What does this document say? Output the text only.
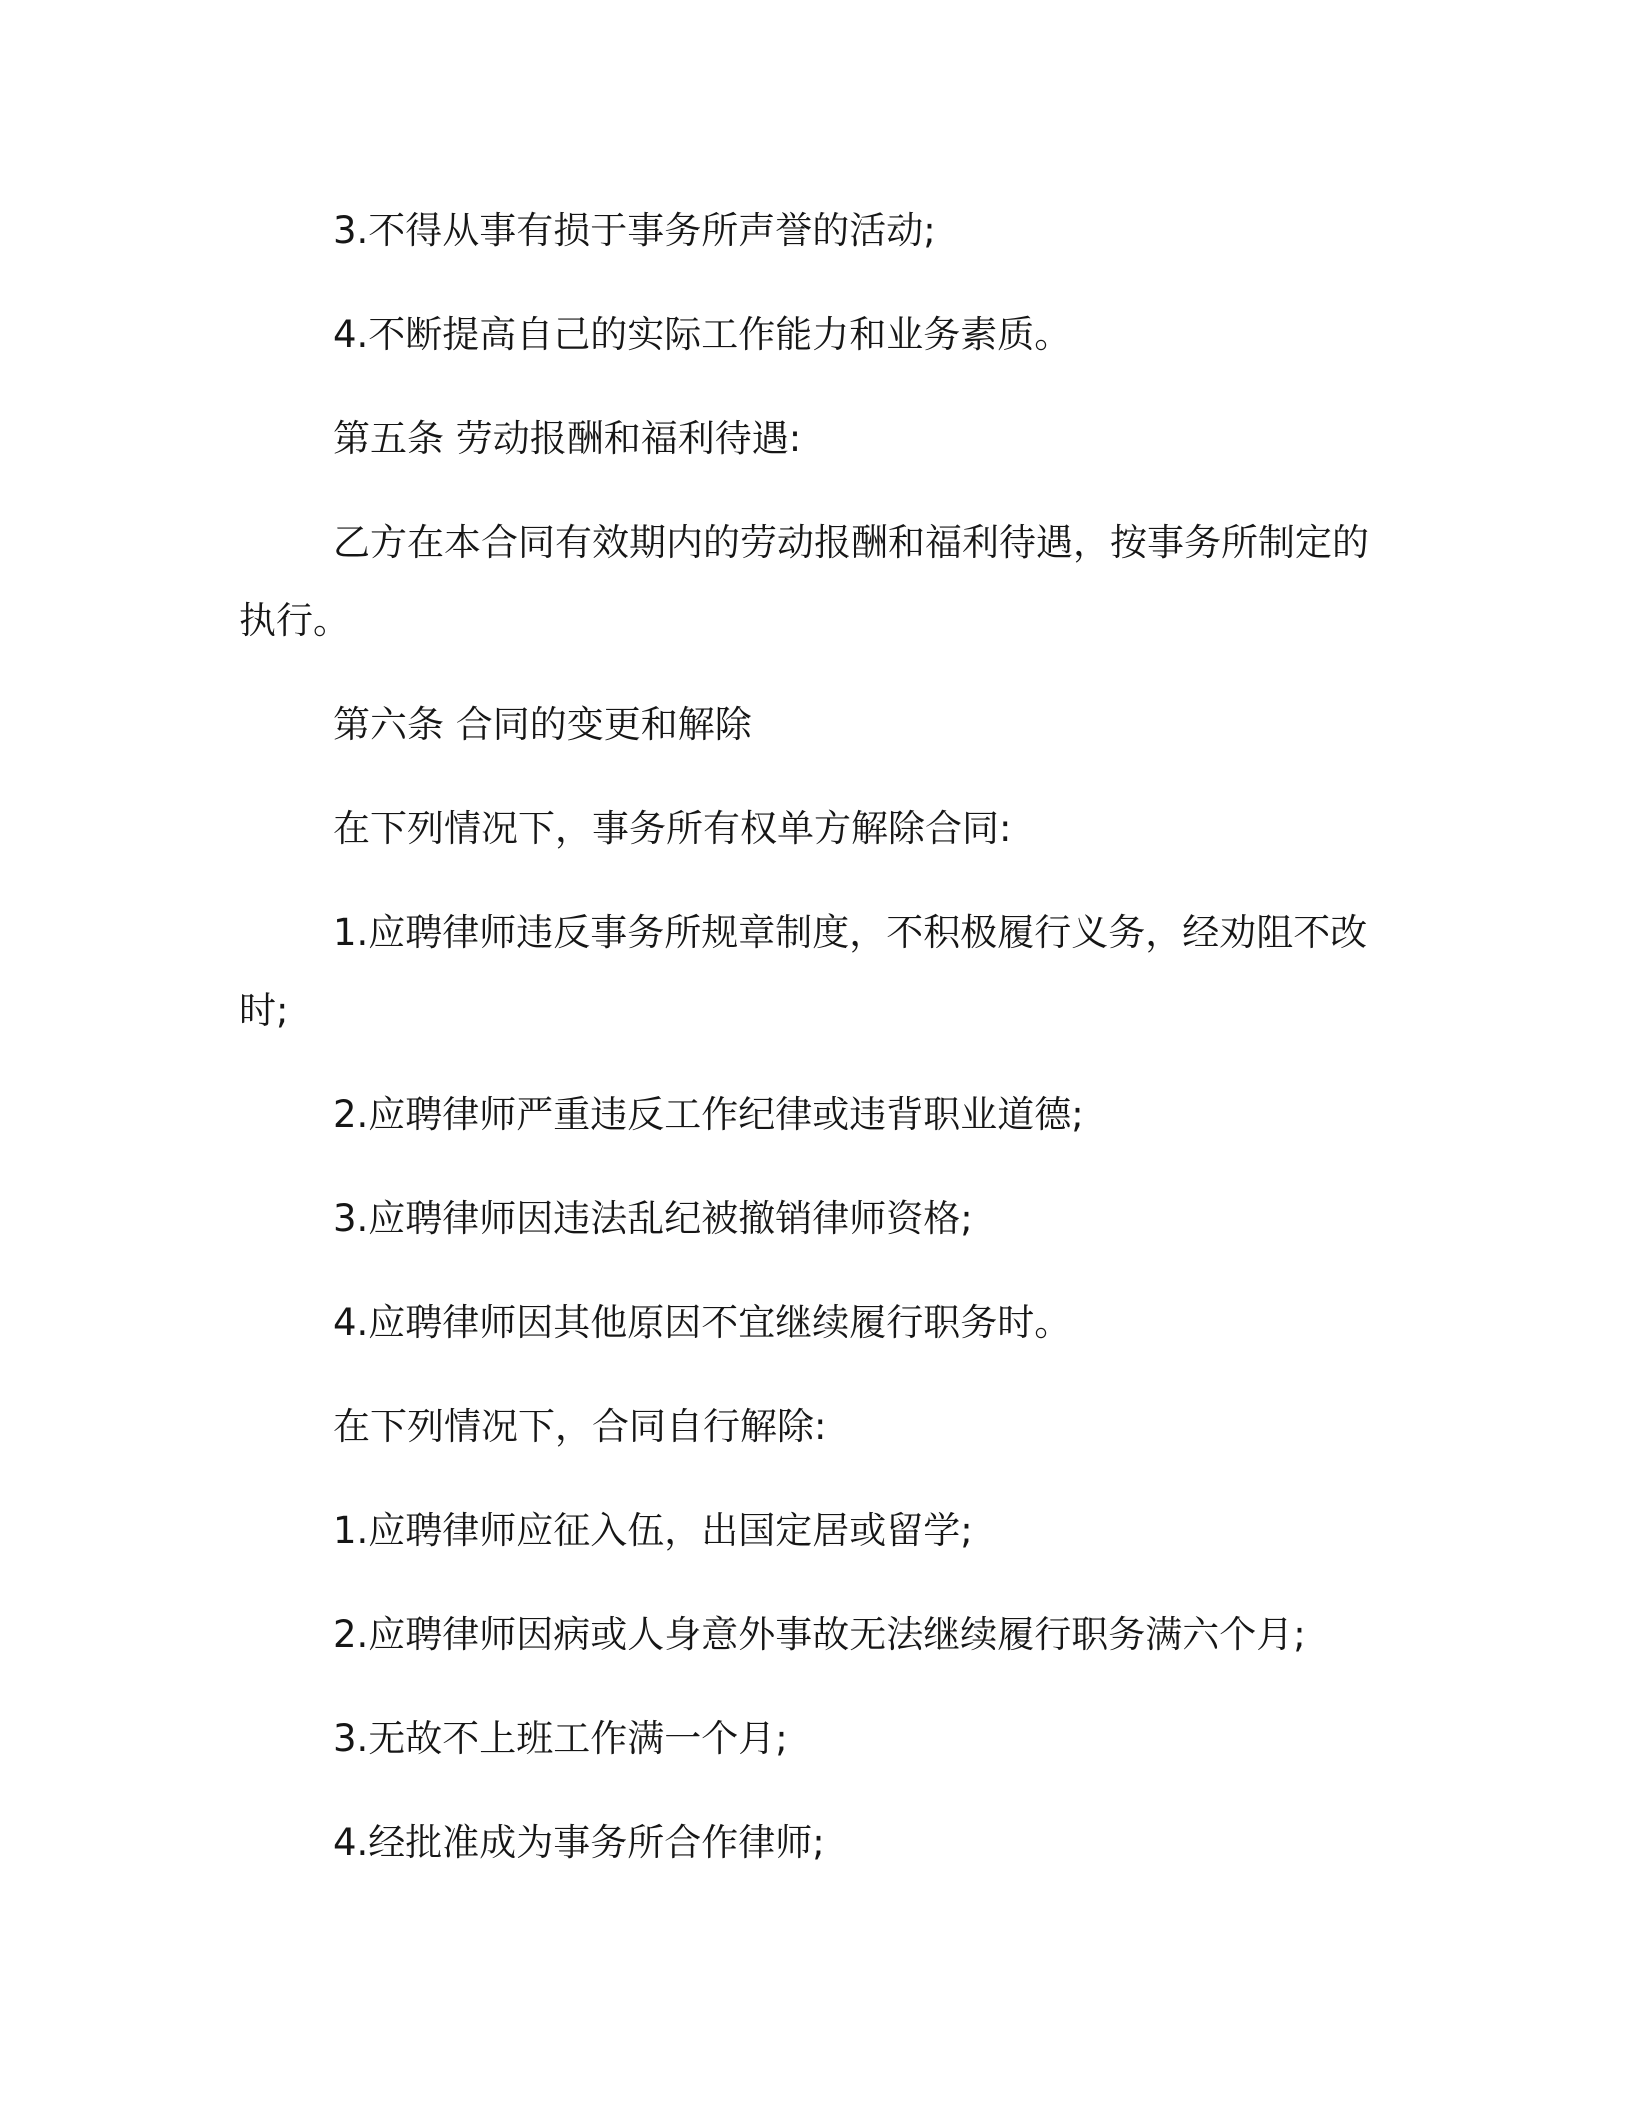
3.不得从事有损于事务所声誉的活动;

4.不断提高自己的实际工作能力和业务素质。

第五条 劳动报酬和福利待遇:

乙方在本合同有效期内的劳动报酬和福利待遇，按事务所制定的执行。

第六条 合同的变更和解除

在下列情况下，事务所有权单方解除合同:

1.应聘律师违反事务所规章制度，不积极履行义务，经劝阻不改时;

2.应聘律师严重违反工作纪律或违背职业道德;

3.应聘律师因违法乱纪被撤销律师资格;

4.应聘律师因其他原因不宜继续履行职务时。

在下列情况下，合同自行解除:

1.应聘律师应征入伍，出国定居或留学;

2.应聘律师因病或人身意外事故无法继续履行职务满六个月;

3.无故不上班工作满一个月;

4.经批准成为事务所合作律师;
